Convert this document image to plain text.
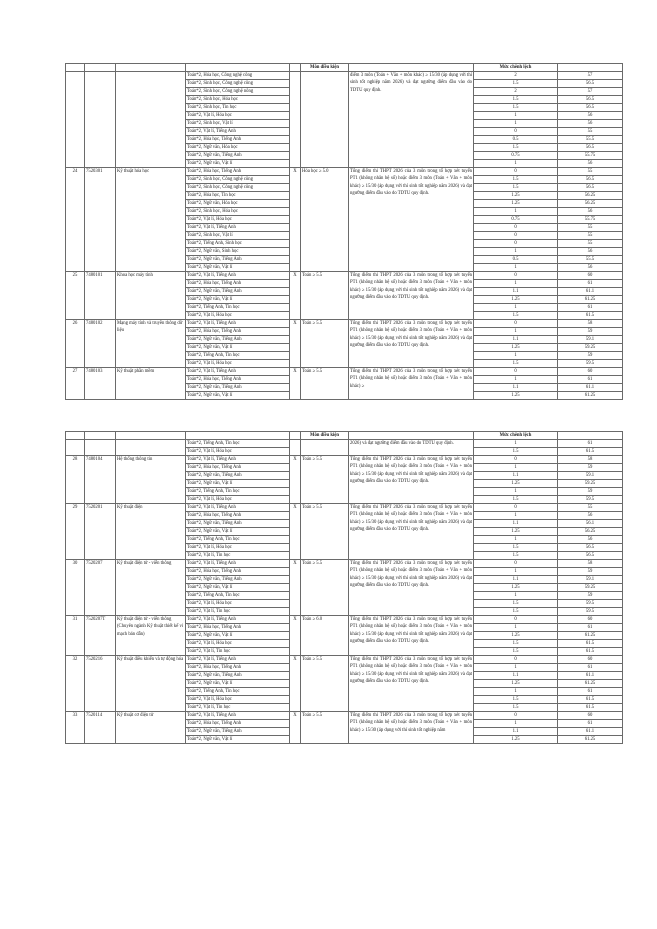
					Môn điều kiện		Mức chênh lệch	
			Toán*2, Hóa học, Công nghệ công			điểm 3 môn (Toán + Văn + môn khác) ≥ 15/30 (áp dụng với thí sinh tốt nghiệp năm 2026) và đạt ngưỡng điểm đầu vào do TDTU quy định.	2	57
			Toán*2, Sinh học, Công nghệ công				1.5	56.5
			Toán*2, Sinh học, Công nghệ nông				2	57
			Toán*2, Sinh học, Hóa học				1.5	56.5
			Toán*2, Sinh học, Tin học				1.5	56.5
			Toán*2, Vật lí, Hóa học				1	56
			Toán*2, Sinh học, Vật lí				1	56
			Toán*2, Vật lí, Tiếng Anh				0	55
			Toán*2, Hóa học, Tiếng Anh				0.5	55.5
			Toán*2, Ngữ văn, Hóa học				1.5	56.5
			Toán*2, Ngữ văn, Tiếng Anh				0.75	55.75
			Toán*2, Ngữ văn, Vật lí				1	56
24	7520301	Kỹ thuật hóa học	Toán*2, Hóa học, Tiếng Anh	X	Hóa học ≥ 5.0	Tổng điểm thi THPT 2026 của 3 môn trong tổ hợp xét tuyển PT1 (không nhân hệ số) hoặc điểm 3 môn (Toán + Văn + môn khác) ≥ 15/30 (áp dụng với thí sinh tốt nghiệp năm 2026) và đạt ngưỡng điểm đầu vào do TDTU quy định.	0	55
			Toán*2, Sinh học, Công nghệ công				1.5	56.5
			Toán*2, Sinh học, Công nghệ công				1.5	56.5
			Toán*2, Hóa học, Tin học				1.25	56.25
			Toán*2, Ngữ văn, Hóa học				1.25	56.25
			Toán*2, Sinh học, Hóa học				1	56
			Toán*2, Vật lí, Hóa học				0.75	55.75
			Toán*2, Vật lí, Tiếng Anh				0	55
			Toán*2, Sinh học, Vật lí				0	55
			Toán*2, Tiếng Anh, Sinh học				0	55
			Toán*2, Ngữ văn, Sinh học				1	56
			Toán*2, Ngữ văn, Tiếng Anh				0.5	55.5
			Toán*2, Ngữ văn, Vật lí				1	56
25	7480101	Khoa học máy tính	Toán*2, Vật lí, Tiếng Anh	X	Toán ≥ 5.5	Tổng điểm thi THPT 2026 của 3 môn trong tổ hợp xét tuyển PT1 (không nhân hệ số) hoặc điểm 3 môn (Toán + Văn + môn khác) ≥ 15/30 (áp dụng với thí sinh tốt nghiệp năm 2026) và đạt ngưỡng điểm đầu vào do TDTU quy định.	0	60
			Toán*2, Hóa học, Tiếng Anh				1	61
			Toán*2, Ngữ văn, Tiếng Anh				1.1	61.1
			Toán*2, Ngữ văn, Vật lí				1.25	61.25
			Toán*2, Tiếng Anh, Tin học				1	61
			Toán*2, Vật lí, Hóa học				1.5	61.5
26	7480102	Mạng máy tính và truyền thông dữ liệu	Toán*2, Vật lí, Tiếng Anh	X	Toán ≥ 5.5	Tổng điểm thi THPT 2026 của 3 môn trong tổ hợp xét tuyển PT1 (không nhân hệ số) hoặc điểm 3 môn (Toán + Văn + môn khác) ≥ 15/30 (áp dụng với thí sinh tốt nghiệp năm 2026) và đạt ngưỡng điểm đầu vào do TDTU quy định.	0	58
			Toán*2, Hóa học, Tiếng Anh				1	59
			Toán*2, Ngữ văn, Tiếng Anh				1.1	59.1
			Toán*2, Ngữ văn, Vật lí				1.25	59.25
			Toán*2, Tiếng Anh, Tin học				1	59
			Toán*2, Vật lí, Hóa học				1.5	59.5
27	7480103	Kỹ thuật phần mềm	Toán*2, Vật lí, Tiếng Anh	X	Toán ≥ 5.5	Tổng điểm thi THPT 2026 của 3 môn trong tổ hợp xét tuyển PT1 (không nhân hệ số) hoặc điểm 3 môn (Toán + Văn + môn khác) ≥	0	60
			Toán*2, Hóa học, Tiếng Anh				1	61
			Toán*2, Ngữ văn, Tiếng Anh				1.1	61.1
			Toán*2, Ngữ văn, Vật lí				1.25	61.25
					Môn điều kiện		Mức chênh lệch	
			Toán*2, Tiếng Anh, Tin học			2026) và đạt ngưỡng điểm đầu vào do TDTU quy định.	1	61
			Toán*2, Vật lí, Hóa học				1.5	61.5
28	7480104	Hệ thống thông tin	Toán*2, Vật lí, Tiếng Anh	X	Toán ≥ 5.5	Tổng điểm thi THPT 2026 của 3 môn trong tổ hợp xét tuyển PT1 (không nhân hệ số) hoặc điểm 3 môn (Toán + Văn + môn khác) ≥ 15/30 (áp dụng với thí sinh tốt nghiệp năm 2026) và đạt ngưỡng điểm đầu vào do TDTU quy định.	0	58
			Toán*2, Hóa học, Tiếng Anh				1	59
			Toán*2, Ngữ văn, Tiếng Anh				1.1	59.1
			Toán*2, Ngữ văn, Vật lí				1.25	59.25
			Toán*2, Tiếng Anh, Tin học				1	59
			Toán*2, Vật lí, Hóa học				1.5	59.5
29	7520201	Kỹ thuật điện	Toán*2, Vật lí, Tiếng Anh	X	Toán ≥ 5.5	Tổng điểm thi THPT 2026 của 3 môn trong tổ hợp xét tuyển PT1 (không nhân hệ số) hoặc điểm 3 môn (Toán + Văn + môn khác) ≥ 15/30 (áp dụng với thí sinh tốt nghiệp năm 2026) và đạt ngưỡng điểm đầu vào do TDTU quy định.	0	55
			Toán*2, Hóa học, Tiếng Anh				1	56
			Toán*2, Ngữ văn, Tiếng Anh				1.1	56.1
			Toán*2, Ngữ văn, Vật lí				1.25	56.25
			Toán*2, Tiếng Anh, Tin học				1	56
			Toán*2, Vật lí, Hóa học				1.5	56.5
			Toán*2, Vật lí, Tin học				1.5	56.5
30	7520207	Kỹ thuật điện tử - viễn thông	Toán*2, Vật lí, Tiếng Anh	X	Toán ≥ 5.5	Tổng điểm thi THPT 2026 của 3 môn trong tổ hợp xét tuyển PT1 (không nhân hệ số) hoặc điểm 3 môn (Toán + Văn + môn khác) ≥ 15/30 (áp dụng với thí sinh tốt nghiệp năm 2026) và đạt ngưỡng điểm đầu vào do TDTU quy định.	0	58
			Toán*2, Hóa học, Tiếng Anh				1	59
			Toán*2, Ngữ văn, Tiếng Anh				1.1	59.1
			Toán*2, Ngữ văn, Vật lí				1.25	59.25
			Toán*2, Tiếng Anh, Tin học				1	59
			Toán*2, Vật lí, Hóa học				1.5	59.5
			Toán*2, Vật lí, Tin học				1.5	59.5
31	7520207T	Kỹ thuật điện tử - viễn thông (Chuyên ngành Kỹ thuật thiết kế vi mạch bán dẫn)	Toán*2, Vật lí, Tiếng Anh	X	Toán ≥ 6.0	Tổng điểm thi THPT 2026 của 3 môn trong tổ hợp xét tuyển PT1 (không nhân hệ số) hoặc điểm 3 môn (Toán + Văn + môn khác) ≥ 15/30 (áp dụng với thí sinh tốt nghiệp năm 2026) và đạt ngưỡng điểm đầu vào do TDTU quy định.	0	60
			Toán*2, Hóa học, Tiếng Anh				1	61
			Toán*2, Ngữ văn, Vật lí				1.25	61.25
			Toán*2, Vật lí, Hóa học				1.5	61.5
			Toán*2, Vật lí, Tin học				1.5	61.5
32	7520216	Kỹ thuật điều khiển và tự động hóa	Toán*2, Vật lí, Tiếng Anh	X	Toán ≥ 5.5	Tổng điểm thi THPT 2026 của 3 môn trong tổ hợp xét tuyển PT1 (không nhân hệ số) hoặc điểm 3 môn (Toán + Văn + môn khác) ≥ 15/30 (áp dụng với thí sinh tốt nghiệp năm 2026) và đạt ngưỡng điểm đầu vào do TDTU quy định.	0	60
			Toán*2, Hóa học, Tiếng Anh				1	61
			Toán*2, Ngữ văn, Tiếng Anh				1.1	61.1
			Toán*2, Ngữ văn, Vật lí				1.25	61.25
			Toán*2, Tiếng Anh, Tin học				1	61
			Toán*2, Vật lí, Hóa học				1.5	61.5
			Toán*2, Vật lí, Tin học				1.5	61.5
33	7520114	Kỹ thuật cơ điện tử	Toán*2, Vật lí, Tiếng Anh	X	Toán ≥ 5.5	Tổng điểm thi THPT 2026 của 3 môn trong tổ hợp xét tuyển PT1 (không nhân hệ số) hoặc điểm 3 môn (Toán + Văn + môn khác) ≥ 15/30 (áp dụng với thí sinh tốt nghiệp năm	0	60
			Toán*2, Hóa học, Tiếng Anh				1	61
			Toán*2, Ngữ văn, Tiếng Anh				1.1	61.1
			Toán*2, Ngữ văn, Vật lí				1.25	61.25
